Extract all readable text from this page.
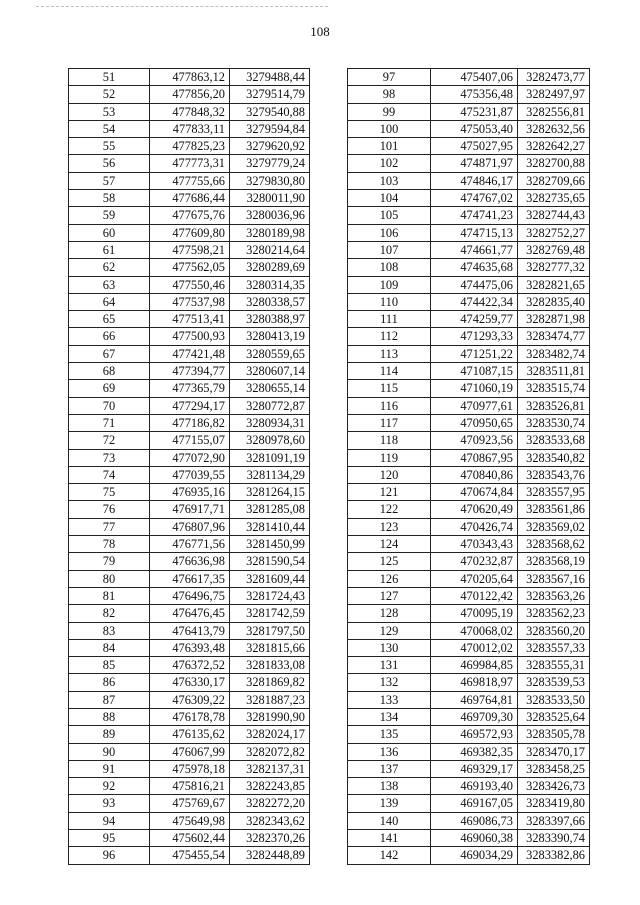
108
51	477863,12	3279488,44
52	477856,20	3279514,79
53	477848,32	3279540,88
54	477833,11	3279594,84
55	477825,23	3279620,92
56	477773,31	3279779,24
57	477755,66	3279830,80
58	477686,44	3280011,90
59	477675,76	3280036,96
60	477609,80	3280189,98
61	477598,21	3280214,64
62	477562,05	3280289,69
63	477550,46	3280314,35
64	477537,98	3280338,57
65	477513,41	3280388,97
66	477500,93	3280413,19
67	477421,48	3280559,65
68	477394,77	3280607,14
69	477365,79	3280655,14
70	477294,17	3280772,87
71	477186,82	3280934,31
72	477155,07	3280978,60
73	477072,90	3281091,19
74	477039,55	3281134,29
75	476935,16	3281264,15
76	476917,71	3281285,08
77	476807,96	3281410,44
78	476771,56	3281450,99
79	476636,98	3281590,54
80	476617,35	3281609,44
81	476496,75	3281724,43
82	476476,45	3281742,59
83	476413,79	3281797,50
84	476393,48	3281815,66
85	476372,52	3281833,08
86	476330,17	3281869,82
87	476309,22	3281887,23
88	476178,78	3281990,90
89	476135,62	3282024,17
90	476067,99	3282072,82
91	475978,18	3282137,31
92	475816,21	3282243,85
93	475769,67	3282272,20
94	475649,98	3282343,62
95	475602,44	3282370,26
96	475455,54	3282448,89
97	475407,06	3282473,77
98	475356,48	3282497,97
99	475231,87	3282556,81
100	475053,40	3282632,56
101	475027,95	3282642,27
102	474871,97	3282700,88
103	474846,17	3282709,66
104	474767,02	3282735,65
105	474741,23	3282744,43
106	474715,13	3282752,27
107	474661,77	3282769,48
108	474635,68	3282777,32
109	474475,06	3282821,65
110	474422,34	3282835,40
111	474259,77	3282871,98
112	471293,33	3283474,77
113	471251,22	3283482,74
114	471087,15	3283511,81
115	471060,19	3283515,74
116	470977,61	3283526,81
117	470950,65	3283530,74
118	470923,56	3283533,68
119	470867,95	3283540,82
120	470840,86	3283543,76
121	470674,84	3283557,95
122	470620,49	3283561,86
123	470426,74	3283569,02
124	470343,43	3283568,62
125	470232,87	3283568,19
126	470205,64	3283567,16
127	470122,42	3283563,26
128	470095,19	3283562,23
129	470068,02	3283560,20
130	470012,02	3283557,33
131	469984,85	3283555,31
132	469818,97	3283539,53
133	469764,81	3283533,50
134	469709,30	3283525,64
135	469572,93	3283505,78
136	469382,35	3283470,17
137	469329,17	3283458,25
138	469193,40	3283426,73
139	469167,05	3283419,80
140	469086,73	3283397,66
141	469060,38	3283390,74
142	469034,29	3283382,86
